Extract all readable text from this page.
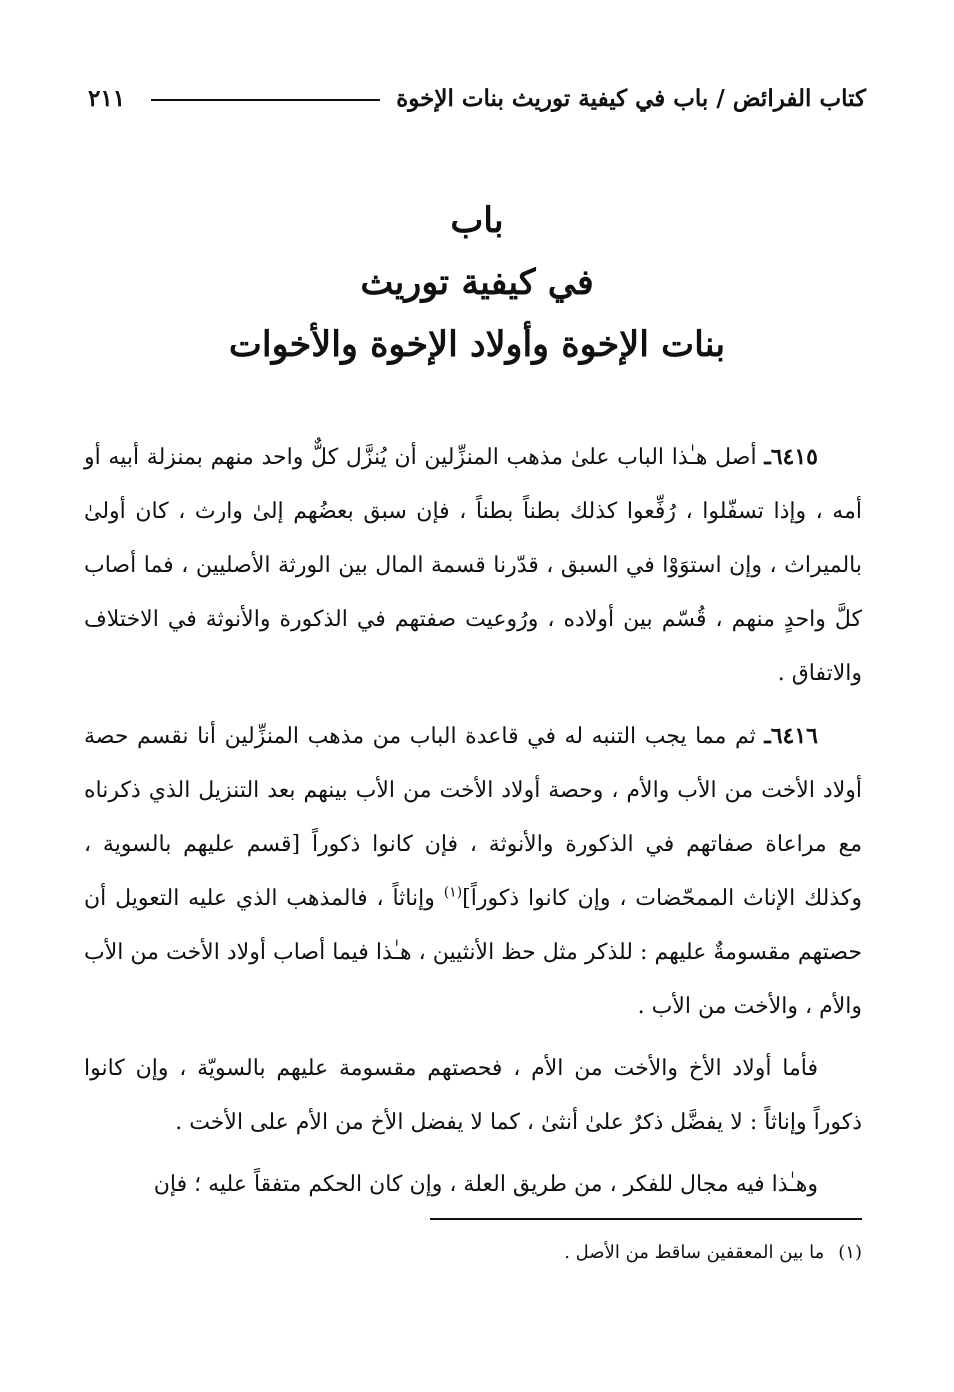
كتاب الفرائض / باب في كيفية توريث بنات الإخوة
٢١١
باب
في كيفية توريث
بنات الإخوة وأولاد الإخوة والأخوات

٦٤١٥ـ أصل هـٰذا الباب علىٰ مذهب المنزِّلين أن يُنزَّل كلٌّ واحد منهم بمنزلة أبيه أو أمه ، وإذا تسفّلوا ، رُفِّعوا كذلك بطناً بطناً ، فإن سبق بعضُهم إلىٰ وارث ، كان أولىٰ بالميراث ، وإن استوَوْا في السبق ، قدّرنا قسمة المال بين الورثة الأصليين ، فما أصاب كلَّ واحدٍ منهم ، قُسّم بين أولاده ، ورُوعيت صفتهم في الذكورة والأنوثة في الاختلاف والاتفاق .

٦٤١٦ـ ثم مما يجب التنبه له في قاعدة الباب من مذهب المنزِّلين أنا نقسم حصة أولاد الأخت من الأب والأم ، وحصة أولاد الأخت من الأب بينهم بعد التنزيل الذي ذكرناه مع مراعاة صفاتهم في الذكورة والأنوثة ، فإن كانوا ذكوراً [قسم عليهم بالسوية ، وكذلك الإناث الممحّضات ، وإن كانوا ذكوراً]$^{(١)}$ وإناثاً ، فالمذهب الذي عليه التعويل أن حصتهم مقسومةٌ عليهم : للذكر مثل حظ الأنثيين ، هـٰذا فيما أصاب أولاد الأخت من الأب والأم ، والأخت من الأب .

فأما أولاد الأخ والأخت من الأم ، فحصتهم مقسومة عليهم بالسويّة ، وإن كانوا ذكوراً وإناثاً : لا يفضَّل ذكرٌ علىٰ أنثىٰ ، كما لا يفضل الأخ من الأم على الأخت .

وهـٰذا فيه مجال للفكر ، من طريق العلة ، وإن كان الحكم متفقاً عليه ؛ فإن

(١)ما بين المعقفين ساقط من الأصل .
